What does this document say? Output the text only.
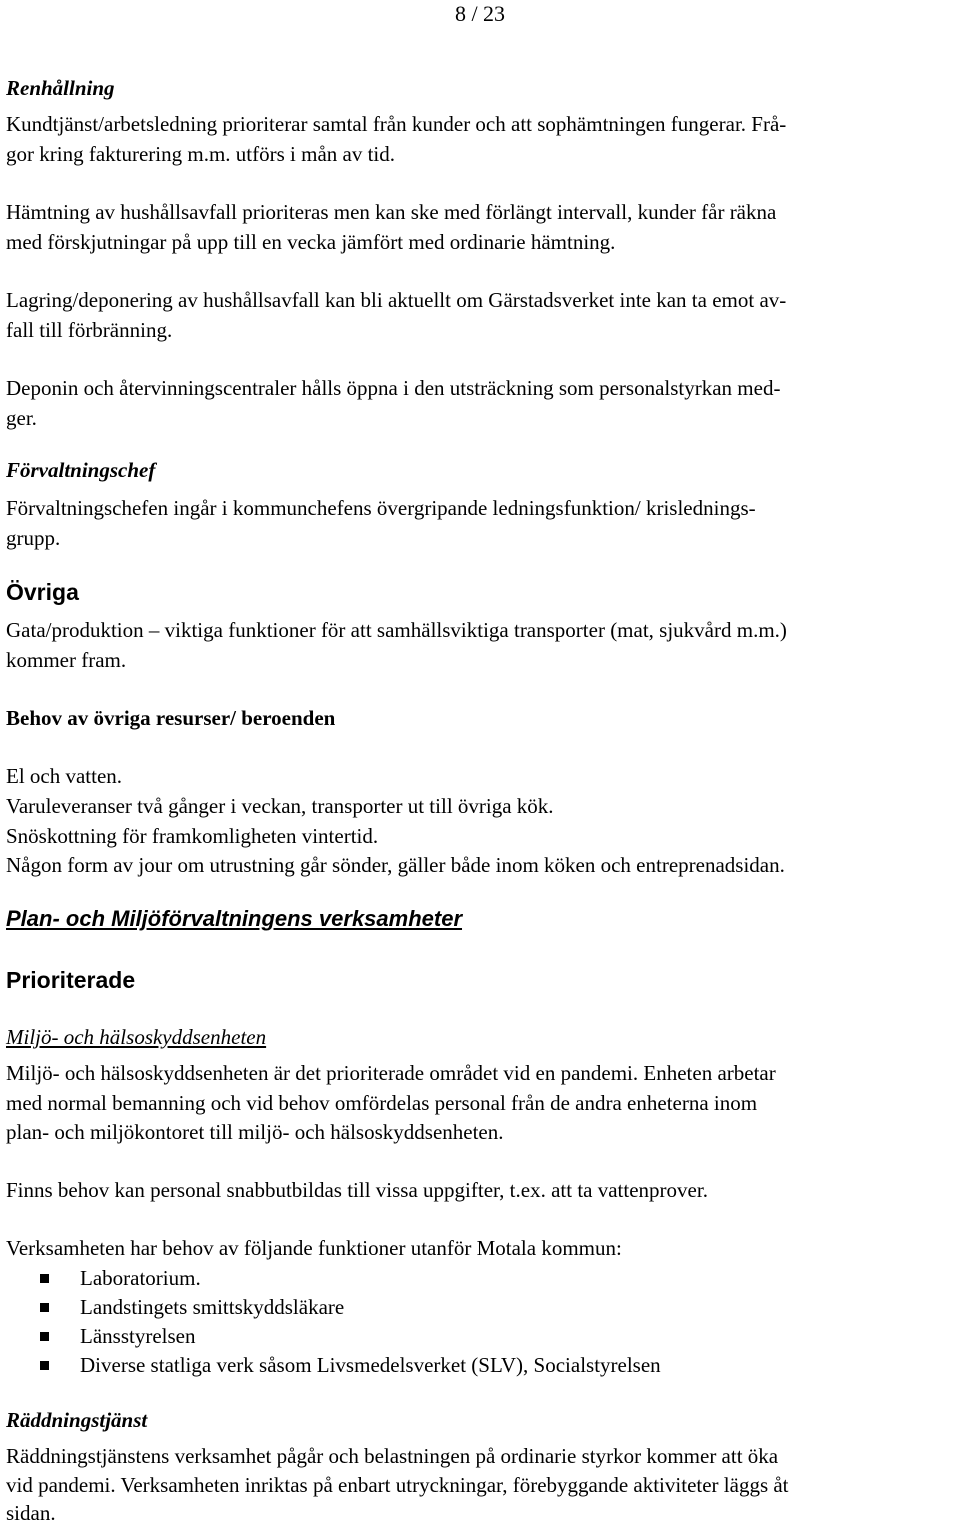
8 / 23
Renhållning
Kundtjänst/arbetsledning prioriterar samtal från kunder och att sophämtningen fungerar. Frå-
gor kring fakturering m.m. utförs i mån av tid.
Hämtning av hushållsavfall prioriteras men kan ske med förlängt intervall, kunder får räkna
med förskjutningar på upp till en vecka jämfört med ordinarie hämtning.
Lagring/deponering av hushållsavfall kan bli aktuellt om Gärstadsverket inte kan ta emot av-
fall till förbränning.
Deponin och återvinningscentraler hålls öppna i den utsträckning som personalstyrkan med-
ger.
Förvaltningschef
Förvaltningschefen ingår i kommunchefens övergripande ledningsfunktion/ krislednings-
grupp.
Övriga
Gata/produktion – viktiga funktioner för att samhällsviktiga transporter (mat, sjukvård m.m.)
kommer fram.
Behov av övriga resurser/ beroenden
El och vatten.
Varuleveranser två gånger i veckan, transporter ut till övriga kök.
Snöskottning för framkomligheten vintertid.
Någon form av jour om utrustning går sönder, gäller både inom köken och entreprenadsidan.
Plan- och Miljöförvaltningens verksamheter
Prioriterade
Miljö- och hälsoskyddsenheten
Miljö- och hälsoskyddsenheten är det prioriterade området vid en pandemi. Enheten arbetar
med normal bemanning och vid behov omfördelas personal från de andra enheterna inom
plan- och miljökontoret till miljö- och hälsoskyddsenheten.
Finns behov kan personal snabbutbildas till vissa uppgifter, t.ex. att ta vattenprover.
Verksamheten har behov av följande funktioner utanför Motala kommun:
Laboratorium.
Landstingets smittskyddsläkare
Länsstyrelsen
Diverse statliga verk såsom Livsmedelsverket (SLV), Socialstyrelsen
Räddningstjänst
Räddningstjänstens verksamhet pågår och belastningen på ordinarie styrkor kommer att öka
vid pandemi. Verksamheten inriktas på enbart utryckningar, förebyggande aktiviteter läggs åt
sidan.
